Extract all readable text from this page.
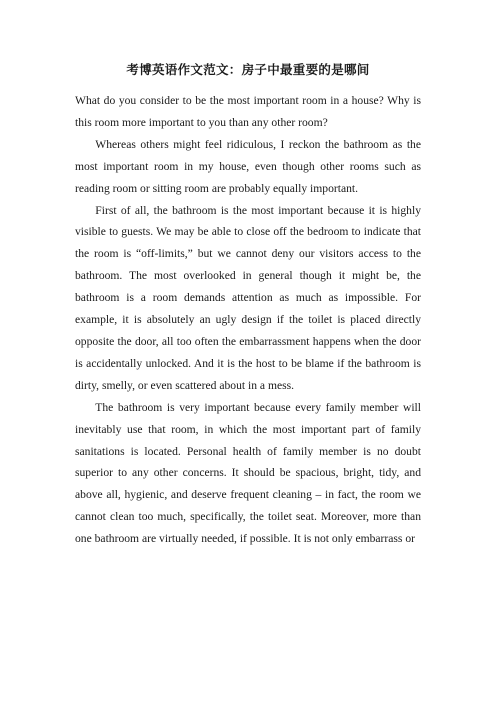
考博英语作文范文：房子中最重要的是哪间

What do you consider to be the most important room in a house? Why is this room more important to you than any other room?

Whereas others might feel ridiculous, I reckon the bathroom as the most important room in my house, even though other rooms such as reading room or sitting room are probably equally important.

First of all, the bathroom is the most important because it is highly visible to guests. We may be able to close off the bedroom to indicate that the room is “off-limits,” but we cannot deny our visitors access to the bathroom. The most overlooked in general though it might be, the bathroom is a room demands attention as much as impossible. For example, it is absolutely an ugly design if the toilet is placed directly opposite the door, all too often the embarrassment happens when the door is accidentally unlocked. And it is the host to be blame if the bathroom is dirty, smelly, or even scattered about in a mess.

The bathroom is very important because every family member will inevitably use that room, in which the most important part of family sanitations is located. Personal health of family member is no doubt superior to any other concerns. It should be spacious, bright, tidy, and above all, hygienic, and deserve frequent cleaning – in fact, the room we cannot clean too much, specifically, the toilet seat. Moreover, more than one bathroom are virtually needed, if possible. It is not only embarrass or
